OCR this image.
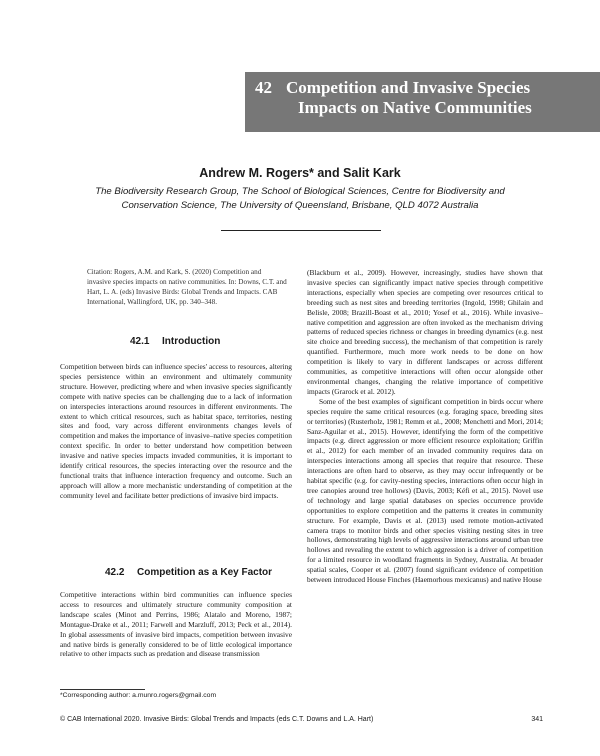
42 Competition and Invasive Species
Impacts on Native Communities
Andrew M. Rogers* and Salit Kark
The Biodiversity Research Group, The School of Biological Sciences, Centre for Biodiversity and Conservation Science, The University of Queensland, Brisbane, QLD 4072 Australia
Citation: Rogers, A.M. and Kark, S. (2020) Competition and invasive species impacts on native communities. In: Downs, C.T. and Hart, L. A. (eds) Invasive Birds: Global Trends and Impacts. CAB International, Wallingford, UK, pp. 340–348.
42.1 Introduction

Competition between birds can influence species' access to resources, altering species persistence within an environment and ultimately community structure. However, predicting where and when invasive species significantly compete with native species can be challenging due to a lack of information on interspecies interactions around resources in different environments. The extent to which critical resources, such as habitat space, territories, nesting sites and food, vary across different environments changes levels of competition and makes the importance of invasive–native species competition context specific. In order to better understand how competition between invasive and native species impacts invaded communities, it is important to identify critical resources, the species interacting over the resource and the functional traits that influence interaction frequency and outcome. Such an approach will allow a more mechanistic understanding of competition at the community level and facilitate better predictions of invasive bird impacts.

42.2 Competition as a Key Factor

Competitive interactions within bird communities can influence species access to resources and ultimately structure community composition at landscape scales (Minot and Perrins, 1986; Alatalo and Moreno, 1987; Montague-Drake et al., 2011; Farwell and Marzluff, 2013; Peck et al., 2014). In global assessments of invasive bird impacts, competition between invasive and native birds is generally considered to be of little ecological importance relative to other impacts such as predation and disease transmission

(Blackburn et al., 2009). However, increasingly, studies have shown that invasive species can significantly impact native species through competitive interactions, especially when species are competing over resources critical to breeding such as nest sites and breeding territories (Ingold, 1998; Ghilain and Belisle, 2008; Brazill-Boast et al., 2010; Yosef et al., 2016). While invasive–native competition and aggression are often invoked as the mechanism driving patterns of reduced species richness or changes in breeding dynamics (e.g. nest site choice and breeding success), the mechanism of that competition is rarely quantified. Furthermore, much more work needs to be done on how competition is likely to vary in different landscapes or across different communities, as competitive interactions will often occur alongside other environmental changes, changing the relative importance of competitive impacts (Grarock et al. 2012).

Some of the best examples of significant competition in birds occur where species require the same critical resources (e.g. foraging space, breeding sites or territories) (Rusterholz, 1981; Remm et al., 2008; Menchetti and Mori, 2014; Sanz-Aguilar et al., 2015). However, identifying the form of the competitive impacts (e.g. direct aggression or more efficient resource exploitation; Griffin et al., 2012) for each member of an invaded community requires data on interspecies interactions among all species that require that resource. These interactions are often hard to observe, as they may occur infrequently or be habitat specific (e.g. for cavity-nesting species, interactions often occur high in tree canopies around tree hollows) (Davis, 2003; Kéfi et al., 2015). Novel use of technology and large spatial databases on species occurrence provide opportunities to explore competition and the patterns it creates in community structure. For example, Davis et al. (2013) used remote motion-activated camera traps to monitor birds and other species visiting nesting sites in tree hollows, demonstrating high levels of aggressive interactions around urban tree hollows and revealing the extent to which aggression is a driver of competition for a limited resource in woodland fragments in Sydney, Australia. At broader spatial scales, Cooper et al. (2007) found significant evidence of competition between introduced House Finches (Haemorhous mexicanus) and native House

*Corresponding author: a.munro.rogers@gmail.com
© CAB International 2020. Invasive Birds: Global Trends and Impacts (eds C.T. Downs and L.A. Hart)	341
